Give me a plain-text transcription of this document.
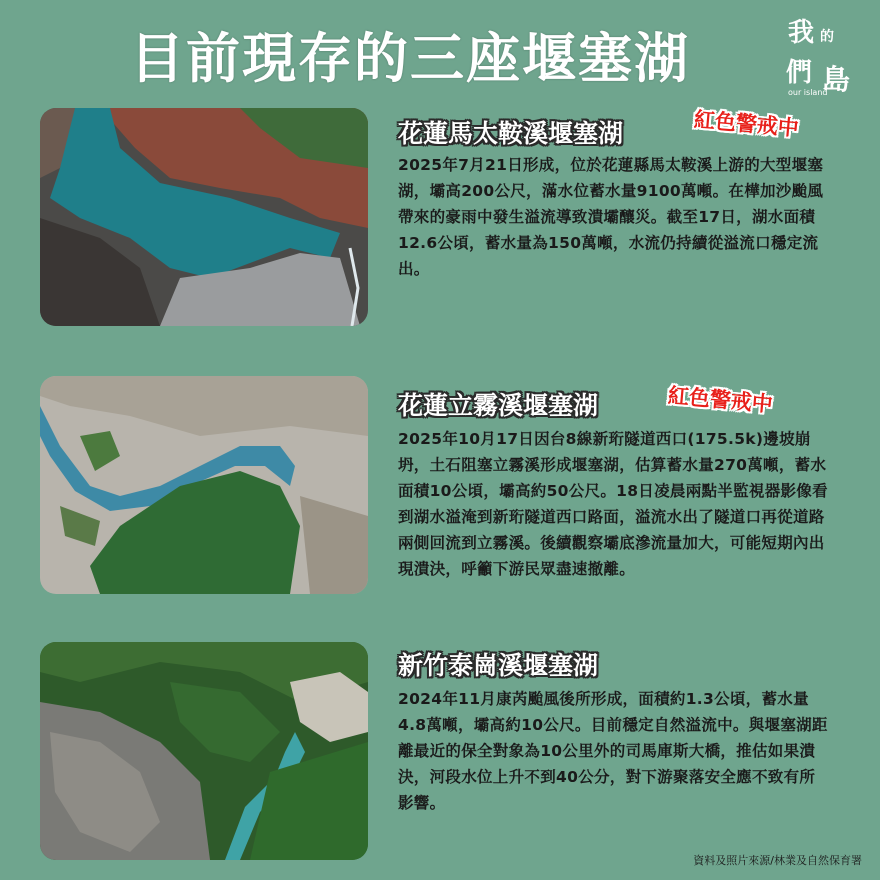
目前現存的三座堰塞湖	我 的
們 島
our island
花蓮馬太鞍溪堰塞湖	紅色警戒中
2025年7月21日形成，位於花蓮縣馬太鞍溪上游的大型堰塞湖，壩高200公尺，滿水位蓄水量9100萬噸。在樺加沙颱風帶來的豪雨中發生溢流導致潰壩釀災。截至17日，湖水面積12.6公頃，蓄水量為150萬噸，水流仍持續從溢流口穩定流出。
花蓮立霧溪堰塞湖	紅色警戒中
2025年10月17日因台8線新珩隧道西口(175.5k)邊坡崩坍，土石阻塞立霧溪形成堰塞湖，估算蓄水量270萬噸，蓄水面積10公頃，壩高約50公尺。18日凌晨兩點半監視器影像看到湖水溢淹到新珩隧道西口路面，溢流水出了隧道口再從道路兩側回流到立霧溪。後續觀察壩底滲流量加大，可能短期內出現潰決，呼籲下游民眾盡速撤離。
新竹泰崗溪堰塞湖
2024年11月康芮颱風後所形成，面積約1.3公頃，蓄水量4.8萬噸，壩高約10公尺。目前穩定自然溢流中。與堰塞湖距離最近的保全對象為10公里外的司馬庫斯大橋，推估如果潰決，河段水位上升不到40公分，對下游聚落安全應不致有所影響。
資料及照片來源/林業及自然保育署
